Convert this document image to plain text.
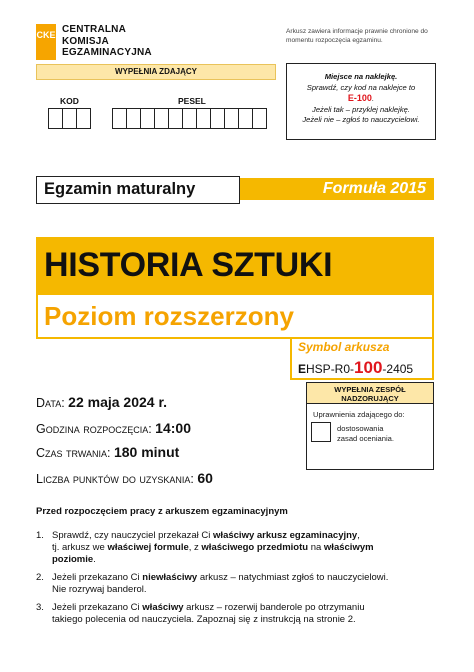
CKE CENTRALNA
KOMISJA
EGZAMINACYJNA
Arkusz zawiera informacje prawnie chronione do momentu rozpoczęcia egzaminu.
WYPEŁNIA ZDAJĄCY
KOD	PESEL
Miejsce na naklejkę.
Sprawdź, czy kod na naklejce to
E-100.
Jeżeli tak – przyklej naklejkę.
Jeżeli nie – zgłoś to nauczycielowi.
Egzamin maturalny	Formuła 2015
HISTORIA SZTUKI
Poziom rozszerzony
Symbol arkusza
EHSP-R0-100-2405
Data: 22 maja 2024 r.
Godzina rozpoczęcia: 14:00
Czas trwania: 180 minut
Liczba punktów do uzyskania: 60
WYPEŁNIA ZESPÓŁ
NADZORUJĄCY
Uprawnienia zdającego do:
dostosowania
zasad oceniania.
Przed rozpoczęciem pracy z arkuszem egzaminacyjnym
1. Sprawdź, czy nauczyciel przekazał Ci właściwy arkusz egzaminacyjny,
tj. arkusz we właściwej formule, z właściwego przedmiotu na właściwym
poziomie.
2. Jeżeli przekazano Ci niewłaściwy arkusz – natychmiast zgłoś to nauczycielowi.
Nie rozrywaj banderol.
3. Jeżeli przekazano Ci właściwy arkusz – rozerwij banderole po otrzymaniu
takiego polecenia od nauczyciela. Zapoznaj się z instrukcją na stronie 2.
